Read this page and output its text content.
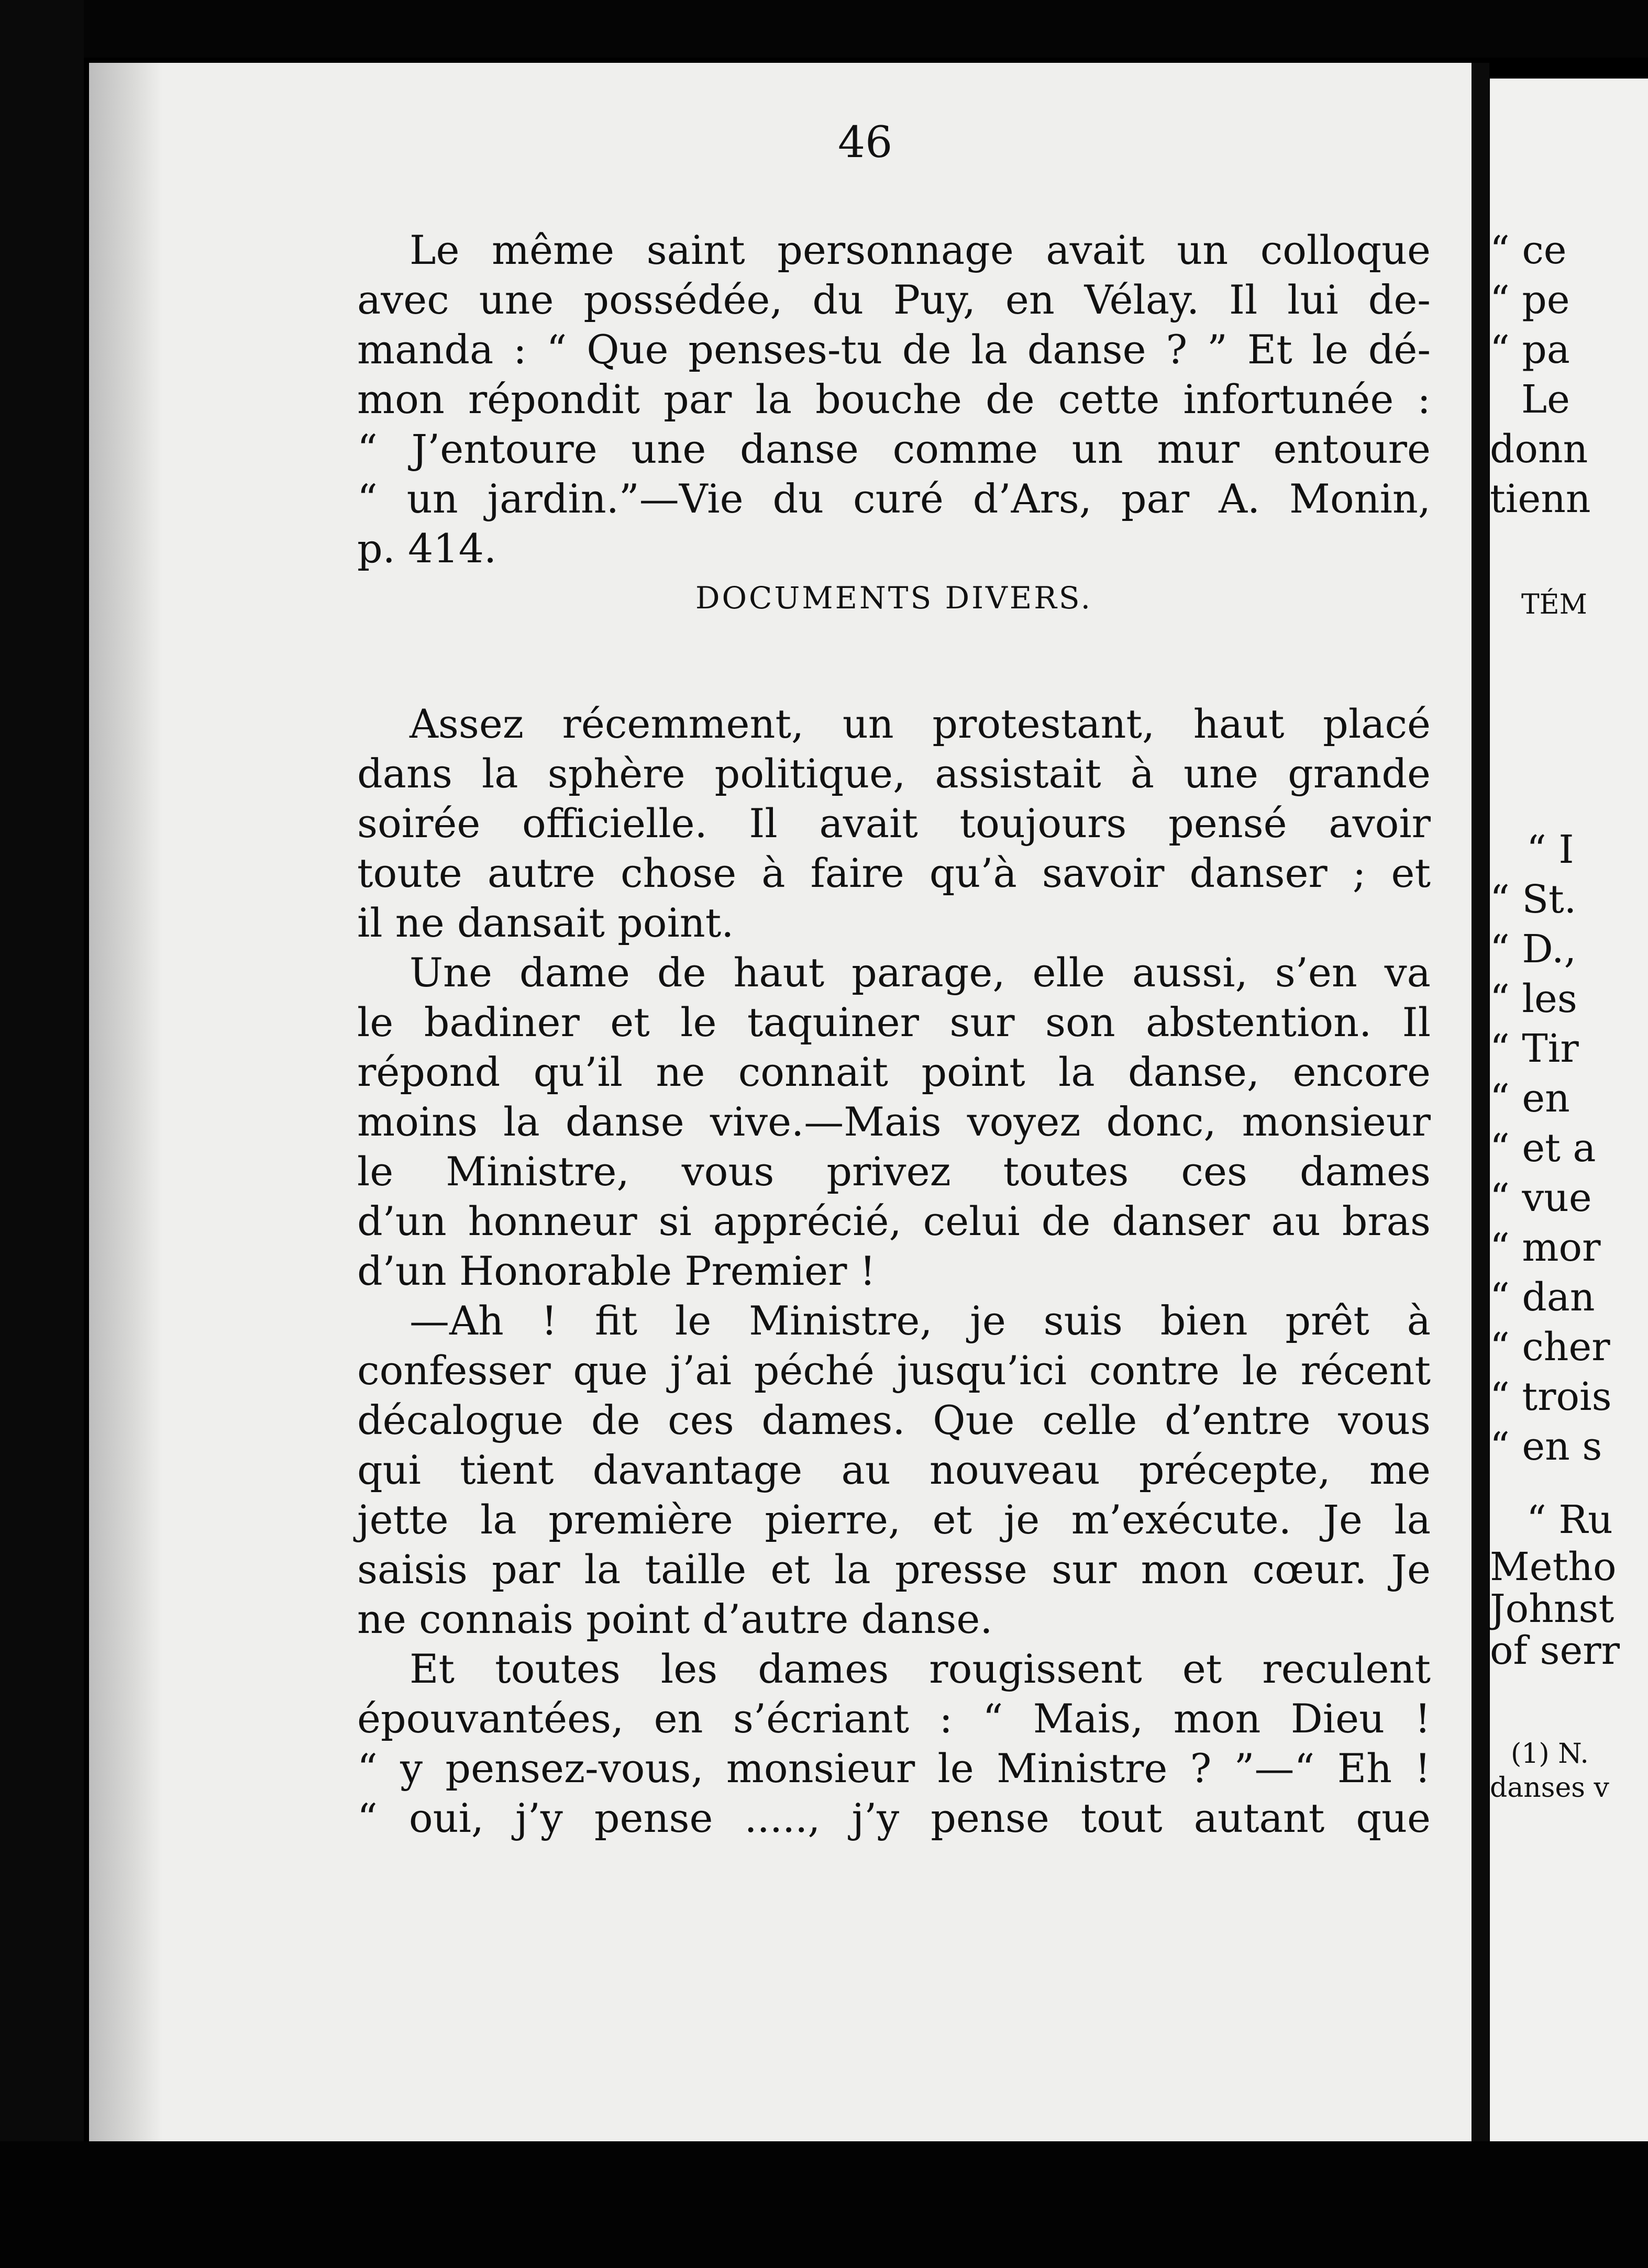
“ ce
“ pe
“ pa
Le
donn
tienn
TÉM
“ I
“ St.
“ D.,
“ les
“ Tir
“ en
“ et a
“ vue
“ mor
“ dan
“ cher
“ trois
“ en s
“ Ru
Metho
Johnst
of serr
(1) N.
danses v
46

Le même saint personnage avait un colloque
avec une possédée, du Puy, en Vélay. Il lui de-
manda : “ Que penses-tu de la danse ? ” Et le dé-
mon répondit par la bouche de cette infortunée :
“ J’entoure une danse comme un mur entoure
“ un jardin.”—Vie du curé d’Ars, par A. Monin,
p. 414.

DOCUMENTS DIVERS.

Assez récemment, un protestant, haut placé
dans la sphère politique, assistait à une grande
soirée officielle. Il avait toujours pensé avoir
toute autre chose à faire qu’à savoir danser ; et
il ne dansait point.

Une dame de haut parage, elle aussi, s’en va
le badiner et le taquiner sur son abstention. Il
répond qu’il ne connait point la danse, encore
moins la danse vive.—Mais voyez donc, monsieur
le Ministre, vous privez toutes ces dames
d’un honneur si apprécié, celui de danser au bras
d’un Honorable Premier !

—Ah ! fit le Ministre, je suis bien prêt à
confesser que j’ai péché jusqu’ici contre le récent
décalogue de ces dames. Que celle d’entre vous
qui tient davantage au nouveau précepte, me
jette la première pierre, et je m’exécute. Je la
saisis par la taille et la presse sur mon cœur. Je
ne connais point d’autre danse.

Et toutes les dames rougissent et reculent
épouvantées, en s’écriant : “ Mais, mon Dieu !
“ y pensez-vous, monsieur le Ministre ? ”—“ Eh !
“ oui, j’y pense ....., j’y pense tout autant que
